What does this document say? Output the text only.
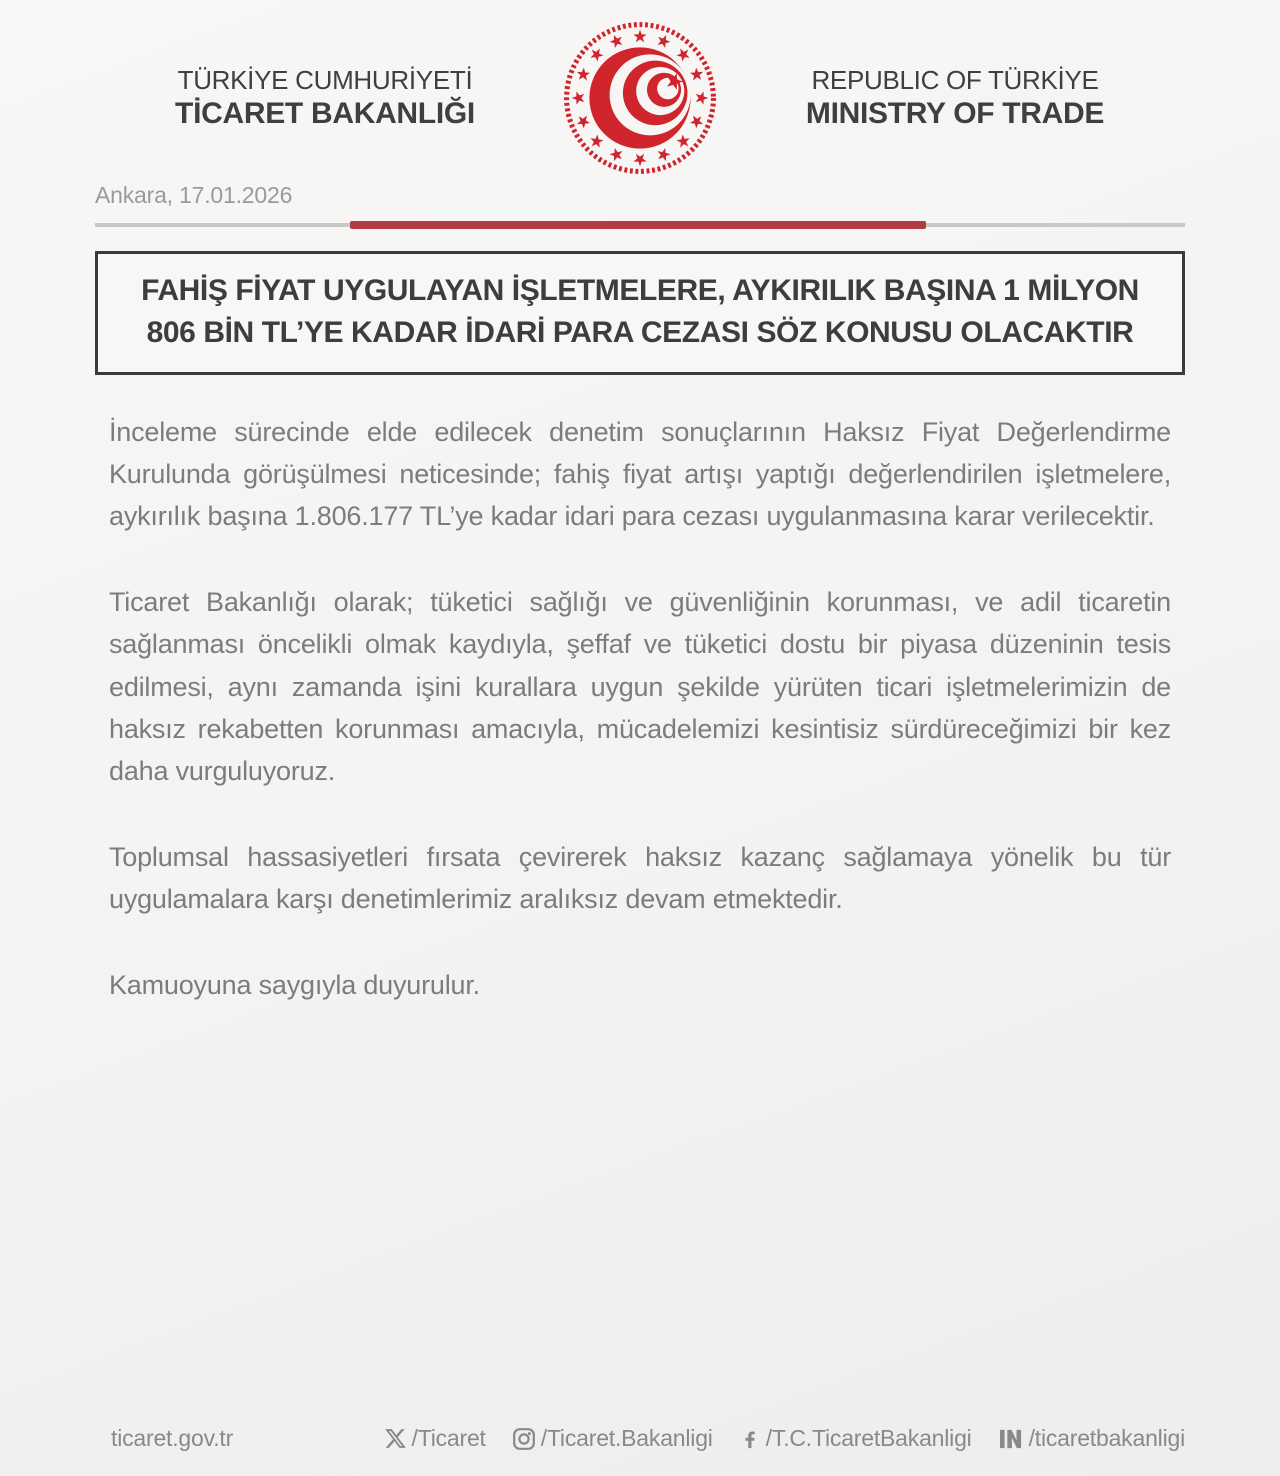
TÜRKİYE CUMHURİYETİ
TİCARET BAKANLIĞI
REPUBLIC OF TÜRKİYE
MINISTRY OF TRADE
Ankara, 17.01.2026
FAHİŞ FİYAT UYGULAYAN İŞLETMELERE, AYKIRILIK BAŞINA 1 MİLYON
806 BİN TL’YE KADAR İDARİ PARA CEZASI SÖZ KONUSU OLACAKTIR

İnceleme sürecinde elde edilecek denetim sonuçlarının Haksız Fiyat Değerlendirme Kurulunda görüşülmesi neticesinde; fahiş fiyat artışı yaptığı değerlendirilen işletmelere, aykırılık başına 1.806.177 TL’ye kadar idari para cezası uygulanmasına karar verilecektir.

Ticaret Bakanlığı olarak; tüketici sağlığı ve güvenliğinin korunması, ve adil ticaretin sağlanması öncelikli olmak kaydıyla, şeffaf ve tüketici dostu bir piyasa düzeninin tesis edilmesi, aynı zamanda işini kurallara uygun şekilde yürüten ticari işletmelerimizin de haksız rekabetten korunması amacıyla, mücadelemizi kesintisiz sürdüreceğimizi bir kez daha vurguluyoruz.

Toplumsal hassasiyetleri fırsata çevirerek haksız kazanç sağlamaya yönelik bu tür uygulamalara karşı denetimlerimiz aralıksız devam etmektedir.

Kamuoyuna saygıyla duyurulur.

ticaret.gov.tr	/Ticaret /Ticaret.Bakanligi /T.C.TicaretBakanligi /ticaretbakanligi
